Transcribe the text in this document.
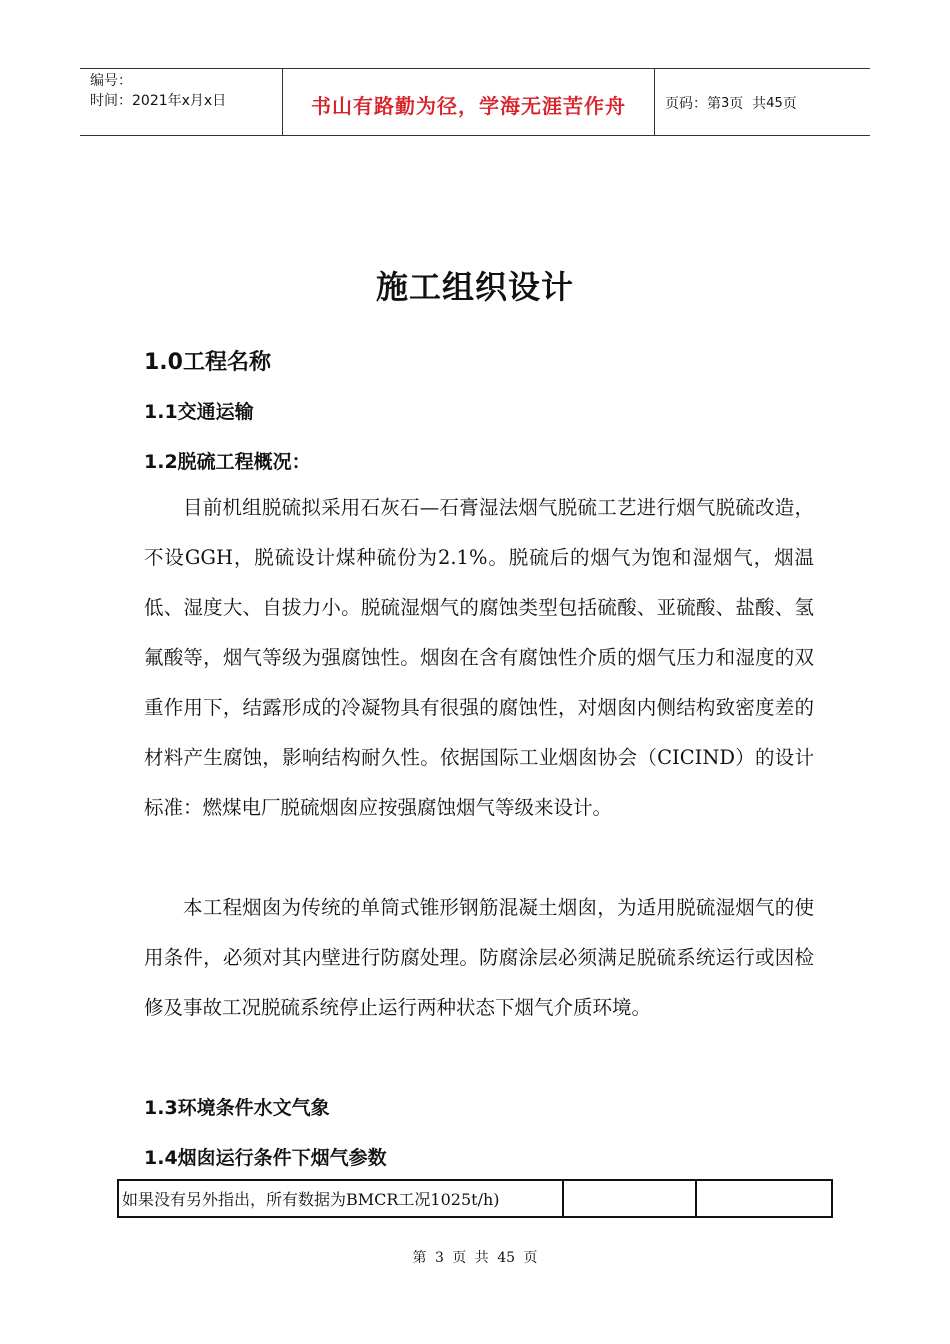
编号：
时间：2021年x月x日	书山有路勤为径，学海无涯苦作舟	页码：第 3 页  共 45 页
施工组织设计
1.0工程名称
1.1交通运输
1.2脱硫工程概况：

目前机组脱硫拟采用石灰石—石膏湿法烟气脱硫工艺进行烟气脱硫改造，不设GGH，脱硫设计煤种硫份为2.1%。脱硫后的烟气为饱和湿烟气，烟温低、湿度大、自拔力小。脱硫湿烟气的腐蚀类型包括硫酸、亚硫酸、盐酸、氢氟酸等，烟气等级为强腐蚀性。烟囱在含有腐蚀性介质的烟气压力和湿度的双重作用下，结露形成的冷凝物具有很强的腐蚀性，对烟囱内侧结构致密度差的材料产生腐蚀，影响结构耐久性。依据国际工业烟囱协会（CICIND）的设计标准：燃煤电厂脱硫烟囱应按强腐蚀烟气等级来设计。

本工程烟囱为传统的单筒式锥形钢筋混凝土烟囱，为适用脱硫湿烟气的使用条件，必须对其内壁进行防腐处理。防腐涂层必须满足脱硫系统运行或因检修及事故工况脱硫系统停止运行两种状态下烟气介质环境。

1.3环境条件水文气象
1.4烟囱运行条件下烟气参数
如果没有另外指出，所有数据为BMCR工况1025t/h)		
第 3 页 共 45 页
